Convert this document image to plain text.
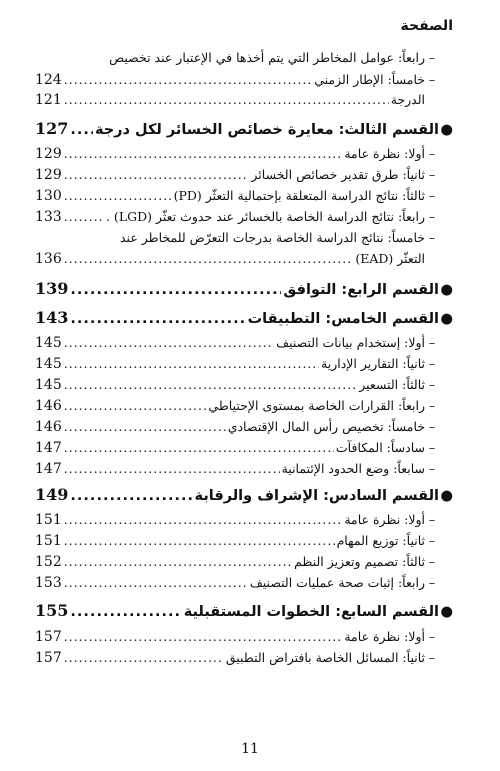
الصفحة
–
رابعاً: عوامل المخاطر التي يتم أخذها في الإعتبار عند تخصيص
الدرجة
.....
121
–
خامساً: الإطار الزمني
.....
124
●
القسم الثالث: معايرة خصائص الخسائر لكل درجة
.....
127
–
أولا: نظرة عامة
.....
129
–
ثانياً: طرق تقدير خصائص الخسائر
.....
129
–
ثالثاً: نتائج الدراسة المتعلقة بإحتمالية التعثّر (PD)
.....
130
–
رابعاً: نتائج الدراسة الخاصة بالخسائر عند حدوث تعثّر (LGD) .
.....
133
–
خامساً: نتائج الدراسة الخاصة بدرجات التعرّض للمخاطر عند
التعثّر (EAD)
.....
136
●
القسم الرابع: التوافق
.....
139
●
القسم الخامس: التطبيقات
.....
143
–
أولا: إستخدام بيانات التصنيف
.....
145
–
ثانياً: التقارير الإدارية
.....
145
–
ثالثاً: التسعير
.....
145
–
رابعاً: القرارات الخاصة بمستوى الإحتياطي
.....
146
–
خامساً: تخصيص رأس المال الإقتصادي
.....
146
–
سادساً: المكافآت
.....
147
–
سابعاً: وضع الحدود الإئتمانية
.....
147
●
القسم السادس: الإشراف والرقابة
.....
149
–
أولا: نظرة عامة
.....
151
–
ثانياً: توزيع المهام
.....
151
–
ثالثاً: تصميم وتعزيز النظم
.....
152
–
رابعاً: إثبات صحة عمليات التصنيف
.....
153
●
القسم السابع: الخطوات المستقبلية
.....
155
–
أولا: نظرة عامة
.....
157
–
ثانياً: المسائل الخاصة بافتراض التطبيق
.....
157
11
